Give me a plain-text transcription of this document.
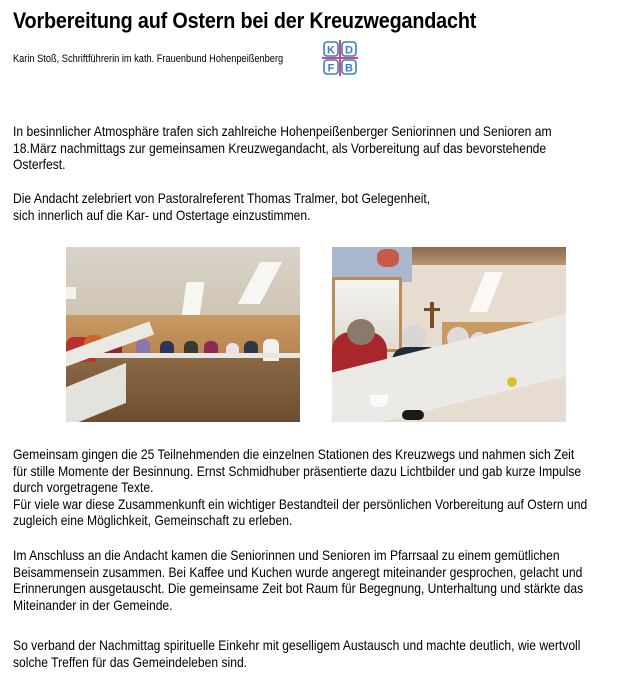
Vorbereitung auf Ostern bei der Kreuzwegandacht
Karin Stoß, Schriftführerin im kath. Frauenbund Hohenpeißenberg
K D
F B
In besinnlicher Atmosphäre trafen sich zahlreiche Hohenpeißenberger Seniorinnen und Senioren am
18.März nachmittags zur gemeinsamen Kreuzwegandacht, als Vorbereitung auf das bevorstehende
Osterfest.
Die Andacht zelebriert von Pastoralreferent Thomas Tralmer, bot Gelegenheit,
sich innerlich auf die Kar- und Ostertage einzustimmen.
Gemeinsam gingen die 25 Teilnehmenden die einzelnen Stationen des Kreuzwegs und nahmen sich Zeit
für stille Momente der Besinnung. Ernst Schmidhuber präsentierte dazu Lichtbilder und gab kurze Impulse
durch vorgetragene Texte.
Für viele war diese Zusammenkunft ein wichtiger Bestandteil der persönlichen Vorbereitung auf Ostern und
zugleich eine Möglichkeit, Gemeinschaft zu erleben.
Im Anschluss an die Andacht kamen die Seniorinnen und Senioren im Pfarrsaal zu einem gemütlichen
Beisammensein zusammen. Bei Kaffee und Kuchen wurde angeregt miteinander gesprochen, gelacht und
Erinnerungen ausgetauscht. Die gemeinsame Zeit bot Raum für Begegnung, Unterhaltung und stärkte das
Miteinander in der Gemeinde.
So verband der Nachmittag spirituelle Einkehr mit geselligem Austausch und machte deutlich, wie wertvoll
solche Treffen für das Gemeindeleben sind.
